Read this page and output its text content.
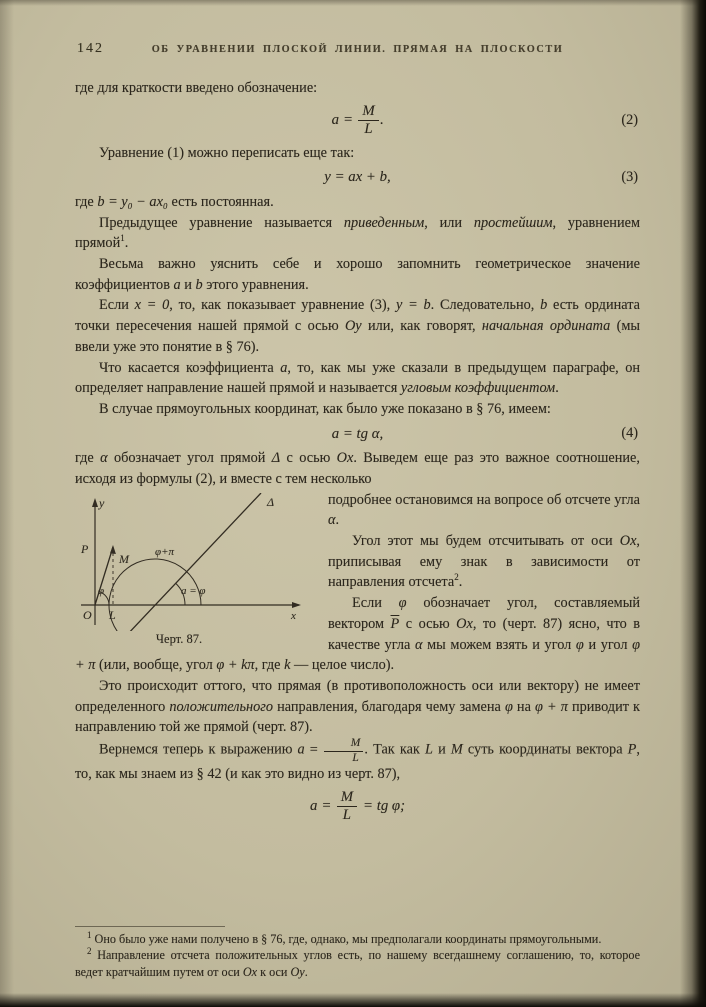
142	ОБ УРАВНЕНИИ ПЛОСКОЙ ЛИНИИ. ПРЯМАЯ НА ПЛОСКОСТИ

где для краткости введено обозначение:

$a = \frac{M}{L}$ .	(2)

Уравнение (1) можно переписать еще так:

y = ax + b,	(3)

где b = y₀ − ax₀ есть постоянная.

Предыдущее уравнение называется приведенным, или простейшим, уравнением прямой$^1$.

Весьма важно уяснить себе и хорошо запомнить геометрическое значение коэффициентов a и b этого уравнения.

Если x = 0, то, как показывает уравнение (3), y = b. Следовательно, b есть ордината точки пересечения нашей прямой с осью Oy или, как говорят, начальная ордината (мы ввели уже это понятие в § 76).

Что касается коэффициента a, то, как мы уже сказали в предыдущем параграфе, он определяет направление нашей прямой и называется угловым коэффициентом.

В случае прямоугольных координат, как было уже показано в § 76, имеем:

a = tg α,	(4)

где α обозначает угол прямой Δ с осью Ox. Выведем еще раз это важное соотношение, исходя из формулы (2), и вместе с тем несколько

y
x
O L
P
M
Δ
φ
φ+π
a = φ
Черт. 87.

подробнее остановимся на вопросе об отсчете угла α.

Угол этот мы будем отсчитывать от оси Ox, приписывая ему знак в зависимости от направления отсчета$^2$.

Если φ обозначает угол, составляемый вектором $\overline{P}$ с осью Ox, то (черт. 87) ясно, что в качестве угла α мы можем взять и угол φ и угол φ + π (или, вообще, угол φ + kπ, где k — целое число).

Это происходит оттого, что прямая (в противоположность оси или вектору) не имеет определенного положительного направления, благодаря чему замена φ на φ + π приводит к направлению той же прямой (черт. 87).

Вернемся теперь к выражению $a = \frac{M}{L}$ . Так как L и M суть координаты вектора P, то, как мы знаем из § 42 (и как это видно из черт. 87),

$a = \frac{M}{L}$ = tg φ;

$^1$ Оно было уже нами получено в § 76, где, однако, мы предполагали координаты прямоугольными.

$^2$ Направление отсчета положительных углов есть, по нашему всегдашнему соглашению, то, которое ведет кратчайшим путем от оси Ox к оси Oy.
